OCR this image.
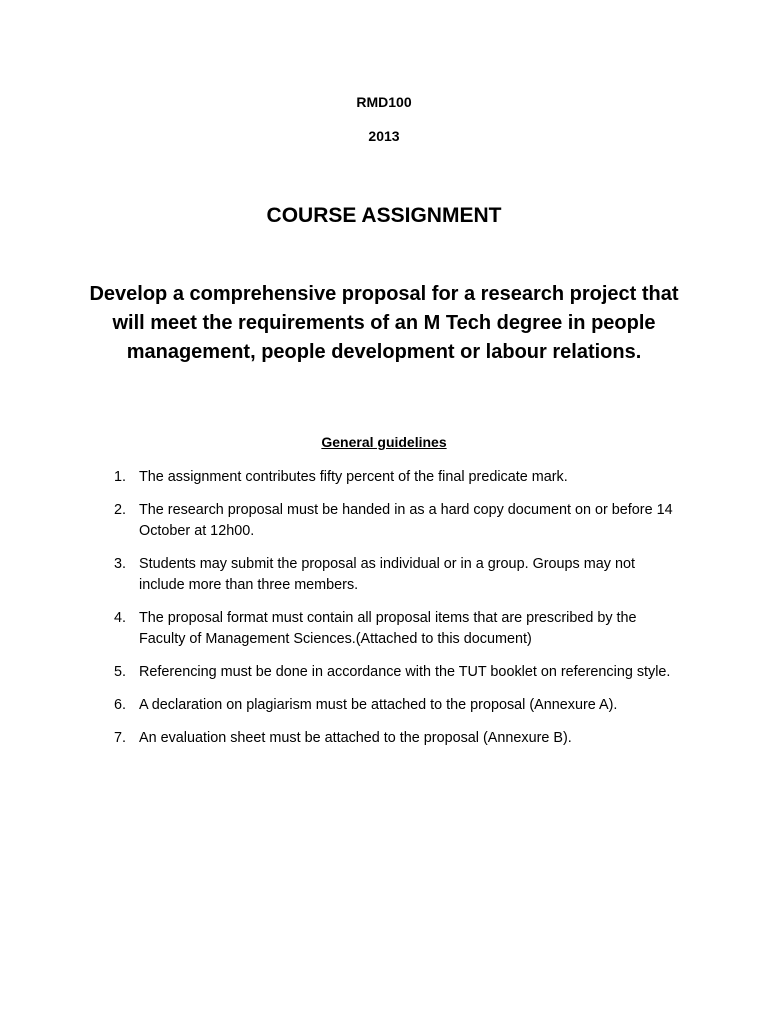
RMD100
2013
COURSE ASSIGNMENT
Develop a comprehensive proposal for a research project that will meet the requirements of an M Tech degree in people management, people development or labour relations.
General guidelines
1. The assignment contributes fifty percent of the final predicate mark.
2. The research proposal must be handed in as a hard copy document on or before 14 October at 12h00.
3. Students may submit the proposal as individual or in a group. Groups may not include more than three members.
4. The proposal format must contain all proposal items that are prescribed by the Faculty of Management Sciences.(Attached to this document)
5. Referencing must be done in accordance with the TUT booklet on referencing style.
6. A declaration on plagiarism must be attached to the proposal (Annexure A).
7. An evaluation sheet must be attached to the proposal (Annexure B).
